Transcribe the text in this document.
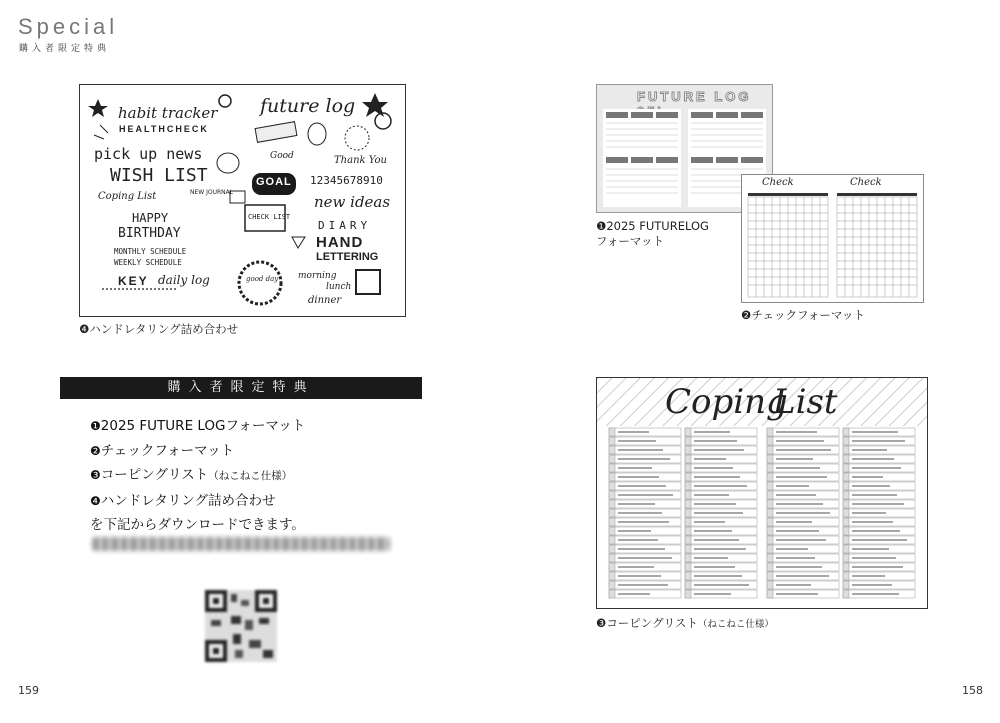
Special
購入者限定特典
habit tracker
HEALTHCHECK
pick up news
WISH LIST
Coping List	NEW JOURNAL
HAPPY
BIRTHDAY
MONTHLY SCHEDULE
WEEKLY SCHEDULE
KEY daily log
future log
Good
GOAL
Thank You
12345678910
new ideas
CHECK LIST
DIARY
HAND
LETTERING
good day morning
lunch
dinner
❹ハンドレタリング詰め合わせ
購入者限定特典
❶2025 FUTURE LOGフォーマット
❷チェックフォーマット
❸コーピングリスト（ねこねこ仕様）
❹ハンドレタリング詰め合わせ
を下記からダウンロードできます。
159
FUTURE LOG
❶2025 FUTURELOG
フォーマット
Check	Check
❷チェックフォーマット
Coping
List
❸コーピングリスト（ねこねこ仕様）
158
